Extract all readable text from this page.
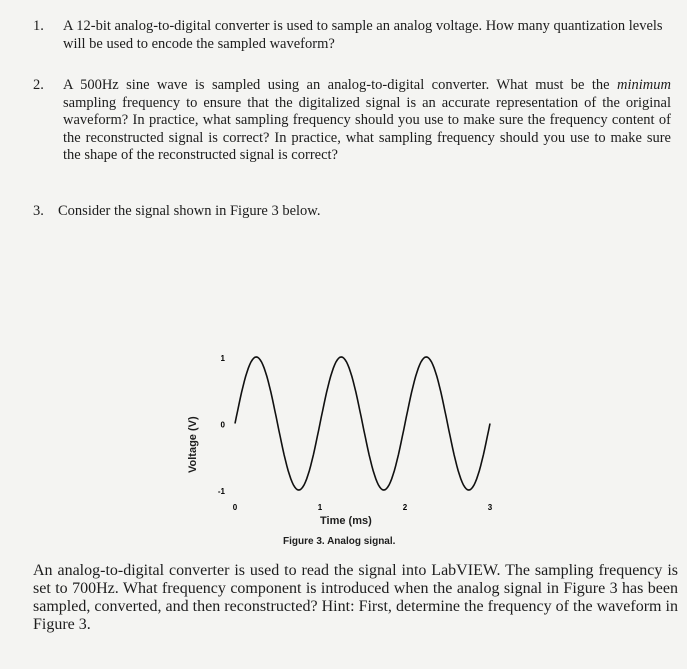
1. A 12-bit analog-to-digital converter is used to sample an analog voltage. How many quantization levels will be used to encode the sampled waveform?
2. A 500Hz sine wave is sampled using an analog-to-digital converter. What must be the minimum sampling frequency to ensure that the digitalized signal is an accurate representation of the original waveform? In practice, what sampling frequency should you use to make sure the frequency content of the reconstructed signal is correct? In practice, what sampling frequency should you use to make sure the shape of the reconstructed signal is correct?
3. Consider the signal shown in Figure 3 below.
1
0
-1
0	1	2	3
Voltage (V)
Time (ms)
Figure 3. Analog signal.
An analog-to-digital converter is used to read the signal into LabVIEW. The sampling frequency is set to 700Hz. What frequency component is introduced when the analog signal in Figure 3 has been sampled, converted, and then reconstructed? Hint: First, determine the frequency of the waveform in Figure 3.
